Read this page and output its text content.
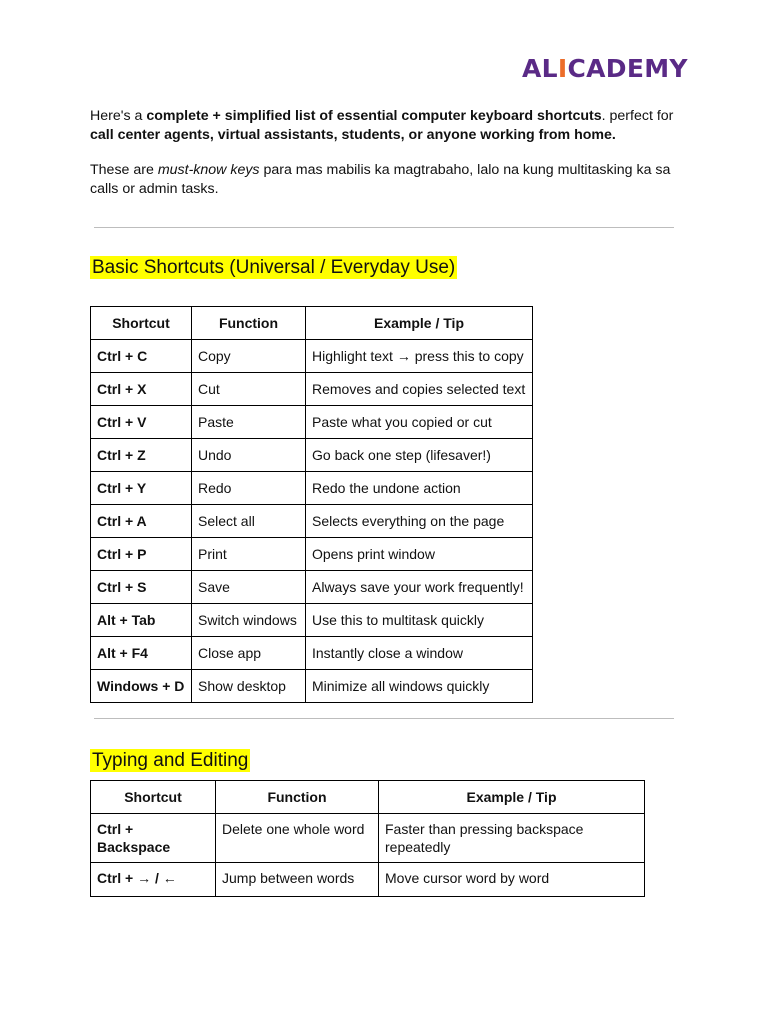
ALICADEMY

Here's a complete + simplified list of essential computer keyboard shortcuts. perfect for call center agents, virtual assistants, students, or anyone working from home.

These are must-know keys para mas mabilis ka magtrabaho, lalo na kung multitasking ka sa calls or admin tasks.

Basic Shortcuts (Universal / Everyday Use)
Shortcut	Function	Example / Tip
Ctrl + C	Copy	Highlight text → press this to copy
Ctrl + X	Cut	Removes and copies selected text
Ctrl + V	Paste	Paste what you copied or cut
Ctrl + Z	Undo	Go back one step (lifesaver!)
Ctrl + Y	Redo	Redo the undone action
Ctrl + A	Select all	Selects everything on the page
Ctrl + P	Print	Opens print window
Ctrl + S	Save	Always save your work frequently!
Alt + Tab	Switch windows	Use this to multitask quickly
Alt + F4	Close app	Instantly close a window
Windows + D	Show desktop	Minimize all windows quickly
Typing and Editing
Shortcut	Function	Example / Tip
Ctrl + Backspace	Delete one whole word	Faster than pressing backspace repeatedly
Ctrl + → / ←	Jump between words	Move cursor word by word
